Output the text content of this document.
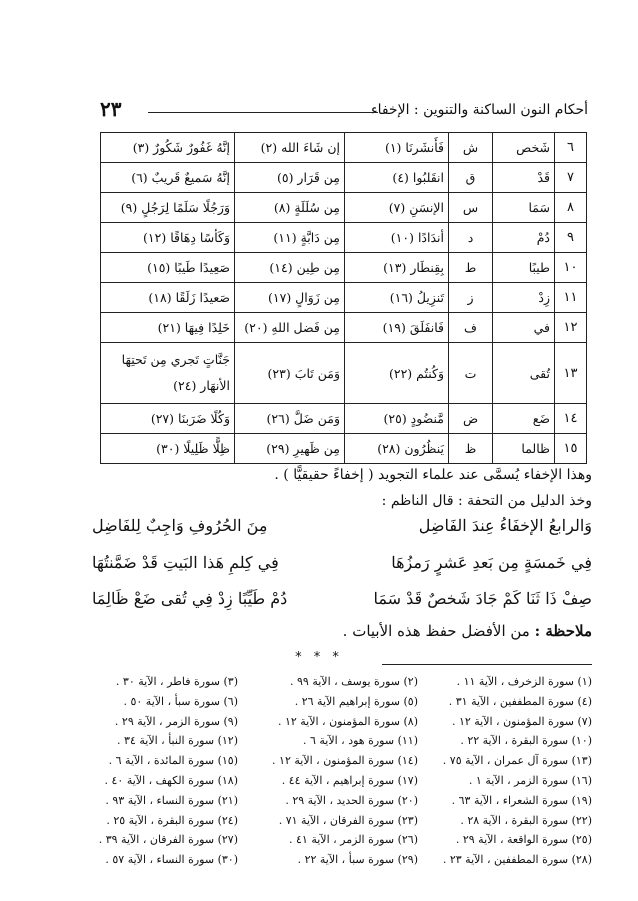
أحكام النون الساكنة والتنوين : الإخفاء
٢٣
٦	شَخص	ش	فَأَنشَرنَا (١)	إن شَاءَ الله (٢)	إنَّهُ غَفُورٌ شَكُورٌ (٣)
٧	قَدْ	ق	انقَلبُوا (٤)	مِن قَرَار (٥)	إنَّهُ سَميعٌ قَريبٌ (٦)
٨	سَمَا	س	الإنسَنِ (٧)	مِن سُلَلَةٍ (٨)	وَرَجُلًا سَلَمًا لِرَجُلٍ (٩)
٩	دُمْ	د	أندَادًا (١٠)	مِن دَابَّةٍ (١١)	وَكَأسًا دِهَاقًا (١٢)
١٠	طيبًا	ط	بِقِنطَار (١٣)	مِن طِين (١٤)	صَعِيدًا طَيبًا (١٥)
١١	زِدْ	ز	تَنزِيلُ (١٦)	مِن زَوَالٍ (١٧)	صَعيدًا زَلَقًا (١٨)
١٢	في	ف	فَانفَلَقَ (١٩)	مِن فَضل اللهِ (٢٠)	خَلِدًا فِيهَا (٢١)
١٣	تُقى	ت	وَكُنتُم (٢٢)	وَمَن تَابَ (٢٣)	جَنَّاتٍ تَجري مِن تَحتِهَا الأنهَار (٢٤)
١٤	ضَع	ض	مَّنضُودٍ (٢٥)	وَمَن ضَلَّ (٢٦)	وَكُلًا ضَرَبنَا (٢٧)
١٥	ظالما	ظ	يَنظُرُون (٢٨)	مِن ظَهيرِ (٢٩)	ظِلًّا ظَلِيلًا (٣٠)
وهذا الإخفاء يُسمَّى عند علماء التجويد ( إخفاءً حقيقيًّا ) .
وخذ الدليل من التحفة : قال الناظم :
وَالرابعُ الإخفَاءُ عِندَ الفَاضِل
مِنَ الحُرُوفِ وَاجِبٌ لِلفَاضِل
فِي خَمسَةٍ مِن بَعدِ عَشرٍ رَمزُهَا
فِي كِلمِ هَذا البَيتِ قَدْ ضَمَّنتُهَا
صِفْ ذَا ثَنَا كَمْ جَادَ شَخصٌ قَدْ سَمَا
دُمْ طَيِّبًا زِدْ فِي تُقى ضَعْ ظَالِمَا
ملاحظة : من الأفضل حفظ هذه الأبيات .
* * *
(١) سورة الزخرف ، الآية ١١ .
(٤) سورة المطففين ، الآية ٣١ .
(٧) سورة المؤمنون ، الآية ١٢ .
(١٠) سورة البقرة ، الآية ٢٢ .
(١٣) سورة آل عمران ، الآية ٧٥ .
(١٦) سورة الزمر ، الآية ١ .
(١٩) سورة الشعراء ، الآية ٦٣ .
(٢٢) سورة البقرة ، الآية ٢٨ .
(٢٥) سورة الواقعة ، الآية ٢٩ .
(٢٨) سورة المطففين ، الآية ٢٣ .
(٢) سورة يوسف ، الآية ٩٩ .
(٥) سورة إبراهيم الآية ٢٦ .
(٨) سورة المؤمنون ، الآية ١٢ .
(١١) سورة هود ، الآية ٦ .
(١٤) سورة المؤمنون ، الآية ١٢ .
(١٧) سورة إبراهيم ، الآية ٤٤ .
(٢٠) سورة الحديد ، الآية ٢٩ .
(٢٣) سورة الفرقان ، الآية ٧١ .
(٢٦) سورة الزمر ، الآية ٤١ .
(٢٩) سورة سبأ ، الآية ٢٢ .
(٣) سورة فاطر ، الآية ٣٠ .
(٦) سورة سبأ ، الآية ٥٠ .
(٩) سورة الزمر ، الآية ٢٩ .
(١٢) سورة النبأ ، الآية ٣٤ .
(١٥) سورة المائدة ، الآية ٦ .
(١٨) سورة الكهف ، الآية ٤٠ .
(٢١) سورة النساء ، الآية ٩٣ .
(٢٤) سورة البقرة ، الآية ٢٥ .
(٢٧) سورة الفرقان ، الآية ٣٩ .
(٣٠) سورة النساء ، الآية ٥٧ .
